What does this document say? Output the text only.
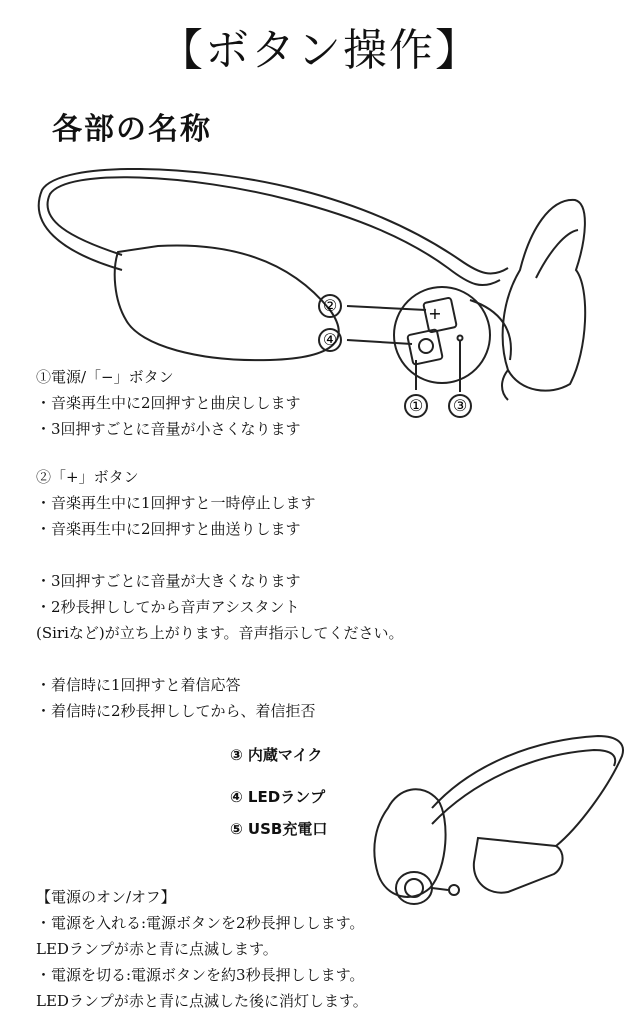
【ボタン操作】
各部の名称
+
②
④
① ③
①電源/「−」ボタン
・音楽再生中に2回押すと曲戻しします
・3回押すごとに音量が小さくなります
②「+」ボタン
・音楽再生中に1回押すと一時停止します
・音楽再生中に2回押すと曲送りします
・3回押すごとに音量が大きくなります
・2秒長押ししてから音声アシスタント
(Siriなど)が立ち上がります。音声指示してください。
・着信時に1回押すと着信応答
・着信時に2秒長押ししてから、着信拒否
③ 内蔵マイク
④ LEDランプ
⑤ USB充電口
【電源のオン/オフ】
・電源を入れる:電源ボタンを2秒長押しします。
LEDランプが赤と青に点滅します。
・電源を切る:電源ボタンを約3秒長押しします。
LEDランプが赤と青に点滅した後に消灯します。
